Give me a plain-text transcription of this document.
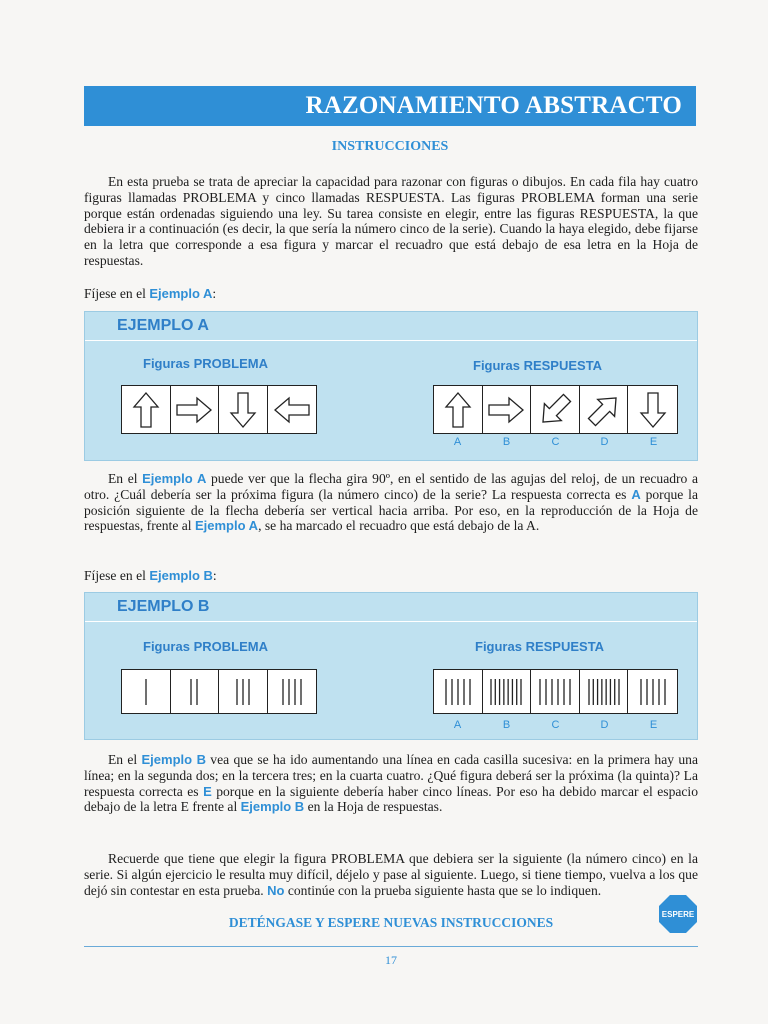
RAZONAMIENTO ABSTRACTO
INSTRUCCIONES

En esta prueba se trata de apreciar la capacidad para razonar con figuras o dibujos. En cada fila hay cuatro figuras llamadas PROBLEMA y cinco llamadas RESPUESTA. Las figuras PROBLEMA forman una serie porque están ordenadas siguiendo una ley. Su tarea consiste en elegir, entre las figuras RESPUESTA, la que debiera ir a continuación (es decir, la que sería la número cinco de la serie). Cuando la haya elegido, debe fijarse en la letra que corresponde a esa figura y marcar el recuadro que está debajo de esa letra en la Hoja de respuestas.

Fíjese en el Ejemplo A:
EJEMPLO A
Figuras PROBLEMA	Figuras RESPUESTA
A	B	C	D	E

En el Ejemplo A puede ver que la flecha gira 90º, en el sentido de las agujas del reloj, de un recuadro a otro. ¿Cuál debería ser la próxima figura (la número cinco) de la serie? La respuesta correcta es A porque la posición siguiente de la flecha debería ser vertical hacia arriba. Por eso, en la reproducción de la Hoja de respuestas, frente al Ejemplo A, se ha marcado el recuadro que está debajo de la A.

Fíjese en el Ejemplo B:
EJEMPLO B
Figuras PROBLEMA	Figuras RESPUESTA
A	B	C	D	E

En el Ejemplo B vea que se ha ido aumentando una línea en cada casilla sucesiva: en la primera hay una línea; en la segunda dos; en la tercera tres; en la cuarta cuatro. ¿Qué figura deberá ser la próxima (la quinta)? La respuesta correcta es E porque en la siguiente debería haber cinco líneas. Por eso ha debido marcar el espacio debajo de la letra E frente al Ejemplo B en la Hoja de respuestas.

Recuerde que tiene que elegir la figura PROBLEMA que debiera ser la siguiente (la número cinco) en la serie. Si algún ejercicio le resulta muy difícil, déjelo y pase al siguiente. Luego, si tiene tiempo, vuelva a los que dejó sin contestar en esta prueba. No continúe con la prueba siguiente hasta que se lo indiquen.

DETÉNGASE Y ESPERE NUEVAS INSTRUCCIONES
ESPERE
17
